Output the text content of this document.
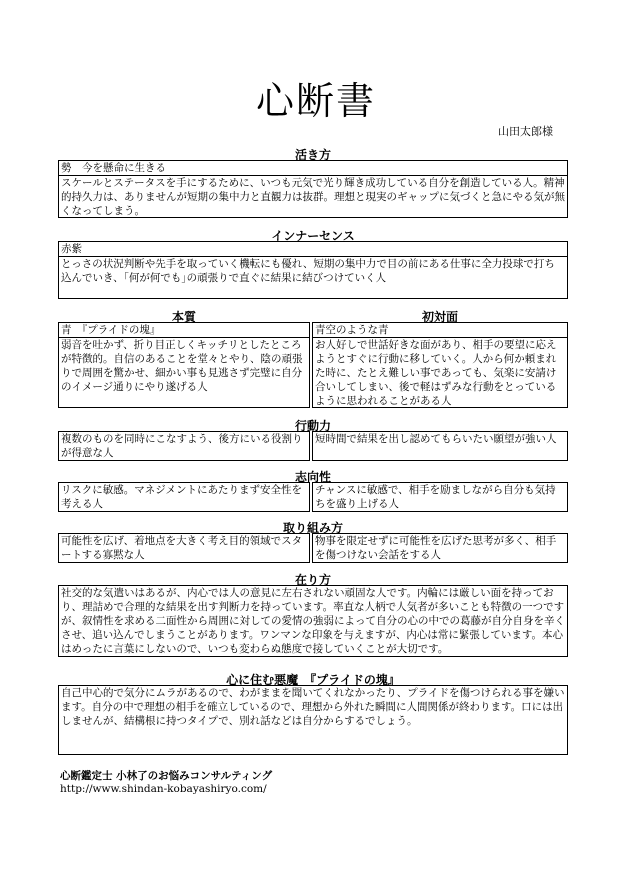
心断書
山田太郎様
活き方
勢　今を懸命に生きる
スケールとステータスを手にするために、いつも元気で光り輝き成功している自分を創造している人。精神的持久力は、ありませんが短期の集中力と直観力は抜群。理想と現実のギャップに気づくと急にやる気が無くなってしまう。
インナーセンス
赤紫
とっさの状況判断や先手を取っていく機転にも優れ、短期の集中力で目の前にある仕事に全力投球で打ち込んでいき、｢何が何でも｣の頑張りで直ぐに結果に結びつけていく人
本質	初対面
青　『プライドの塊』
弱音を吐かず、折り目正しくキッチリとしたところが特徴的。自信のあることを堂々とやり、陰の頑張りで周囲を驚かせ、細かい事も見逃さず完璧に自分のイメージ通りにやり遂げる人
青空のような青
お人好しで世話好きな面があり、相手の要望に応えようとすぐに行動に移していく。人から何か頼まれた時に、たとえ難しい事であっても、気楽に安請け合いしてしまい、後で軽はずみな行動をとっているように思われることがある人
行動力
複数のものを同時にこなすよう、後方にいる役割りが得意な人
短時間で結果を出し認めてもらいたい願望が強い人
志向性
リスクに敏感。マネジメントにあたりまず安全性を考える人
チャンスに敏感で、相手を励ましながら自分も気持ちを盛り上げる人
取り組み方
可能性を広げ、着地点を大きく考え目的領域でスタートする寡黙な人
物事を限定せずに可能性を広げた思考が多く、相手を傷つけない会話をする人
在り方
社交的な気遣いはあるが、内心では人の意見に左右されない頑固な人です。内輪には厳しい面を持っており、理詰めで合理的な結果を出す判断力を持っています。率直な人柄で人気者が多いことも特徴の一つですが、叙情性を求める二面性から周囲に対しての愛情の強弱によって自分の心の中での葛藤が自分自身を辛くさせ、追い込んでしまうことがあります。ワンマンな印象を与えますが、内心は常に緊張しています。本心はめったに言葉にしないので、いつも変わらぬ態度で接していくことが大切です。
心に住む悪魔　『プライドの塊』
自己中心的で気分にムラがあるので、わがままを聞いてくれなかったり、プライドを傷つけられる事を嫌います。自分の中で理想の相手を確立しているので、理想から外れた瞬間に人間関係が終わります。口には出しませんが、結構根に持つタイプで、別れ話などは自分からするでしょう。
心断鑑定士 小林了のお悩みコンサルティング
http://www.shindan-kobayashiryo.com/
